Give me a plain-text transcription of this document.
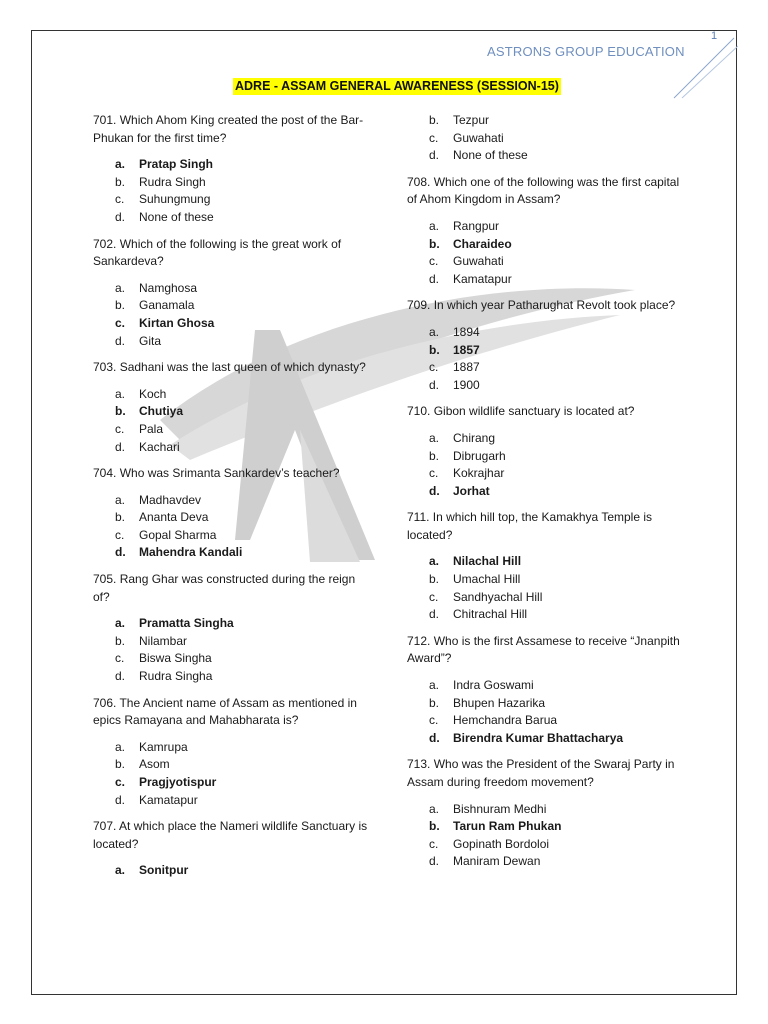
1
ASTRONS GROUP EDUCATION
ADRE - ASSAM GENERAL AWARENESS (SESSION-15)

701. Which Ahom King created the post of the Bar-Phukan for the first time?

a.	Pratap Singh
b.	Rudra Singh
c.	Suhungmung
d.	None of these

702. Which of the following is the great work of Sankardeva?

a.	Namghosa
b.	Ganamala
c.	Kirtan Ghosa
d.	Gita

703. Sadhani was the last queen of which dynasty?

a.	Koch
b.	Chutiya
c.	Pala
d.	Kachari

704. Who was Srimanta Sankardev’s teacher?

a.	Madhavdev
b.	Ananta Deva
c.	Gopal Sharma
d.	Mahendra Kandali

705. Rang Ghar was constructed during the reign of?

a.	Pramatta Singha
b.	Nilambar
c.	Biswa Singha
d.	Rudra Singha

706. The Ancient name of Assam as mentioned in epics Ramayana and Mahabharata is?

a.	Kamrupa
b.	Asom
c.	Pragjyotispur
d.	Kamatapur

707. At which place the Nameri wildlife Sanctuary is located?

a.	Sonitpur
b.	Tezpur
c.	Guwahati
d.	None of these

708. Which one of the following was the first capital of Ahom Kingdom in Assam?

a.	Rangpur
b.	Charaideo
c.	Guwahati
d.	Kamatapur

709. In which year Patharughat Revolt took place?

a.	1894
b.	1857
c.	1887
d.	1900

710. Gibon wildlife sanctuary is located at?

a.	Chirang
b.	Dibrugarh
c.	Kokrajhar
d.	Jorhat

711. In which hill top, the Kamakhya Temple is located?

a.	Nilachal Hill
b.	Umachal Hill
c.	Sandhyachal Hill
d.	Chitrachal Hill

712. Who is the first Assamese to receive “Jnanpith Award”?

a.	Indra Goswami
b.	Bhupen Hazarika
c.	Hemchandra Barua
d.	Birendra Kumar Bhattacharya

713. Who was the President of the Swaraj Party in Assam during freedom movement?

a.	Bishnuram Medhi
b.	Tarun Ram Phukan
c.	Gopinath Bordoloi
d.	Maniram Dewan
